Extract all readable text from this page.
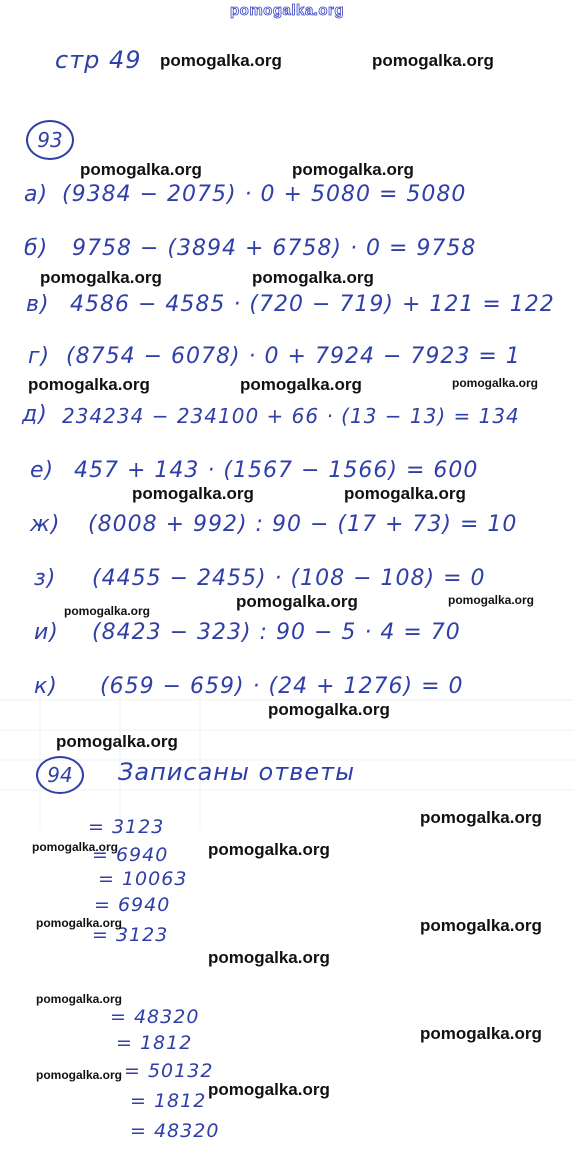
pomogalka.org
стр 49
93
а) (9384 − 2075) · 0 + 5080 = 5080
б) 9758 − (3894 + 6758) · 0 = 9758
в) 4586 − 4585 · (720 − 719) + 121 = 122
г) (8754 − 6078) · 0 + 7924 − 7923 = 1
д) 234234 − 234100 + 66 · (13 − 13) = 134
е) 457 + 143 · (1567 − 1566) = 600
ж) (8008 + 992) : 90 − (17 + 73) = 10
з) (4455 − 2455) · (108 − 108) = 0
и) (8423 − 323) : 90 − 5 · 4 = 70
к) (659 − 659) · (24 + 1276) = 0
94	Записаны ответы
= 3123
= 6940
= 10063
= 6940
= 3123
= 48320
= 1812
= 50132
= 1812
= 48320
pomogalka.org	pomogalka.org
pomogalka.org	pomogalka.org
pomogalka.org	pomogalka.org
pomogalka.org	pomogalka.org	pomogalka.org
pomogalka.org	pomogalka.org
pomogalka.org
pomogalka.org
pomogalka.org
pomogalka.org
pomogalka.org
pomogalka.org
pomogalka.org	pomogalka.org
pomogalka.org	pomogalka.org
pomogalka.org
pomogalka.org
pomogalka.org
pomogalka.org
pomogalka.org
